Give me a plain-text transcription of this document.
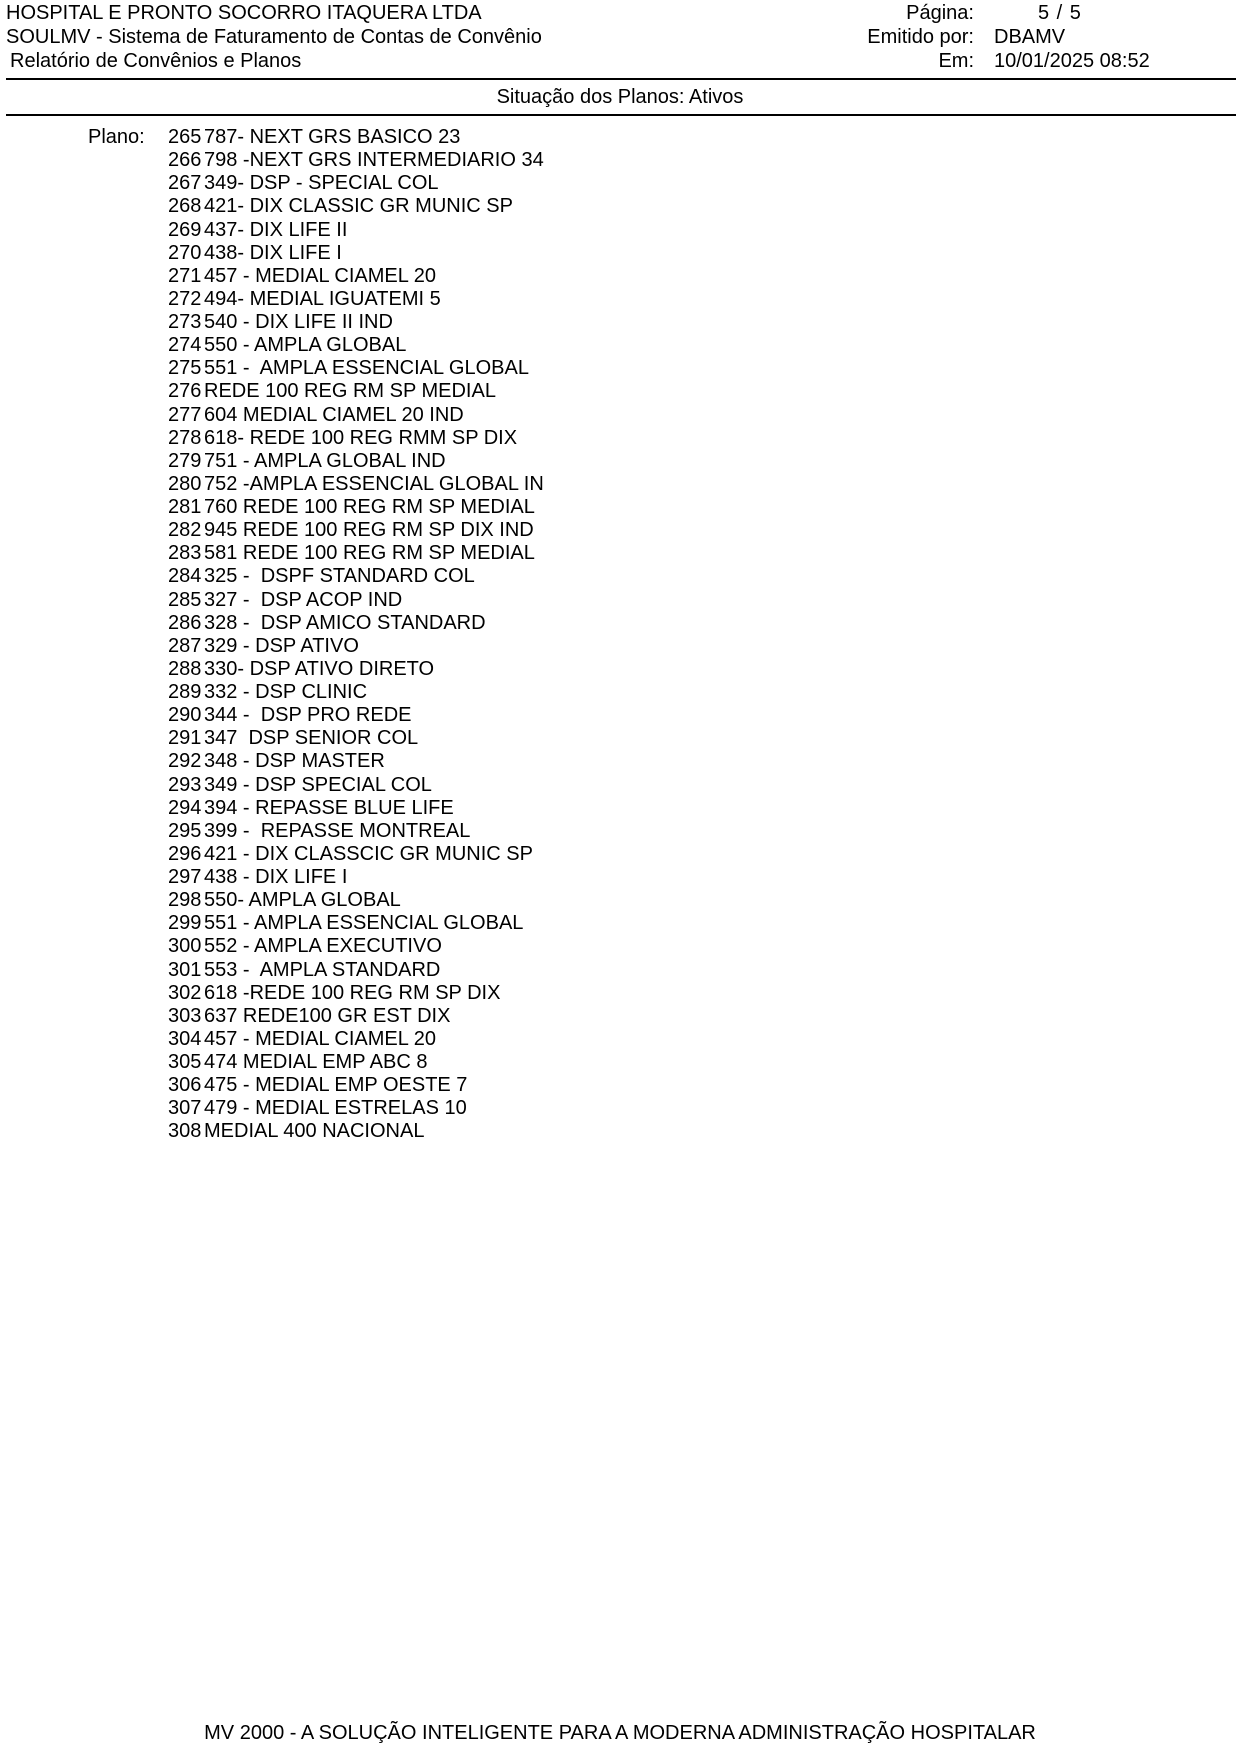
HOSPITAL E PRONTO SOCORRO ITAQUERA LTDA
SOULMV - Sistema de Faturamento de Contas de Convênio
Relatório de Convênios e Planos
Página:	5 / 5
Emitido por:	DBAMV
Em:	10/01/2025 08:52
Situação dos Planos: Ativos
Plano: 265 787- NEXT GRS BASICO 23
266 798 -NEXT GRS INTERMEDIARIO 34
267 349- DSP - SPECIAL COL
268 421- DIX CLASSIC GR MUNIC SP
269 437- DIX LIFE II
270 438- DIX LIFE I
271 457 - MEDIAL CIAMEL 20
272 494- MEDIAL IGUATEMI 5
273 540 - DIX LIFE II IND
274 550 - AMPLA GLOBAL
275 551 -  AMPLA ESSENCIAL GLOBAL
276 REDE 100 REG RM SP MEDIAL
277 604 MEDIAL CIAMEL 20 IND
278 618- REDE 100 REG RMM SP DIX
279 751 - AMPLA GLOBAL IND
280 752 -AMPLA ESSENCIAL GLOBAL IN
281 760 REDE 100 REG RM SP MEDIAL
282 945 REDE 100 REG RM SP DIX IND
283 581 REDE 100 REG RM SP MEDIAL
284 325 -  DSPF STANDARD COL
285 327 -  DSP ACOP IND
286 328 -  DSP AMICO STANDARD
287 329 - DSP ATIVO
288 330- DSP ATIVO DIRETO
289 332 - DSP CLINIC
290 344 -  DSP PRO REDE
291 347  DSP SENIOR COL
292 348 - DSP MASTER
293 349 - DSP SPECIAL COL
294 394 - REPASSE BLUE LIFE
295 399 -  REPASSE MONTREAL
296 421 - DIX CLASSCIC GR MUNIC SP
297 438 - DIX LIFE I
298 550- AMPLA GLOBAL
299 551 - AMPLA ESSENCIAL GLOBAL
300 552 - AMPLA EXECUTIVO
301 553 -  AMPLA STANDARD
302 618 -REDE 100 REG RM SP DIX
303 637 REDE100 GR EST DIX
304 457 - MEDIAL CIAMEL 20
305 474 MEDIAL EMP ABC 8
306 475 - MEDIAL EMP OESTE 7
307 479 - MEDIAL ESTRELAS 10
308 MEDIAL 400 NACIONAL
MV 2000 - A SOLUÇÃO INTELIGENTE PARA A MODERNA ADMINISTRAÇÃO HOSPITALAR
